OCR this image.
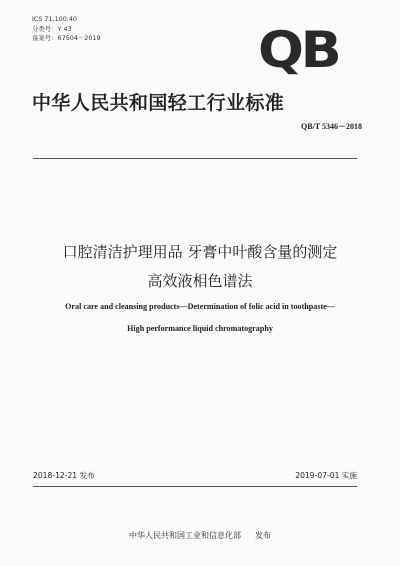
ICS 71.100.40
分类号：Y 43
备案号：67504－2019	QB
中华人民共和国轻工行业标准
QB/T 5346－2018
口腔清洁护理用品 牙膏中叶酸含量的测定
高效液相色谱法
Oral care and cleansing products—Determination of folic acid in toothpaste—
High performance liquid chromatography
2018-12-21 发布	2019-07-01 实施
中华人民共和国工业和信息化部 发布
